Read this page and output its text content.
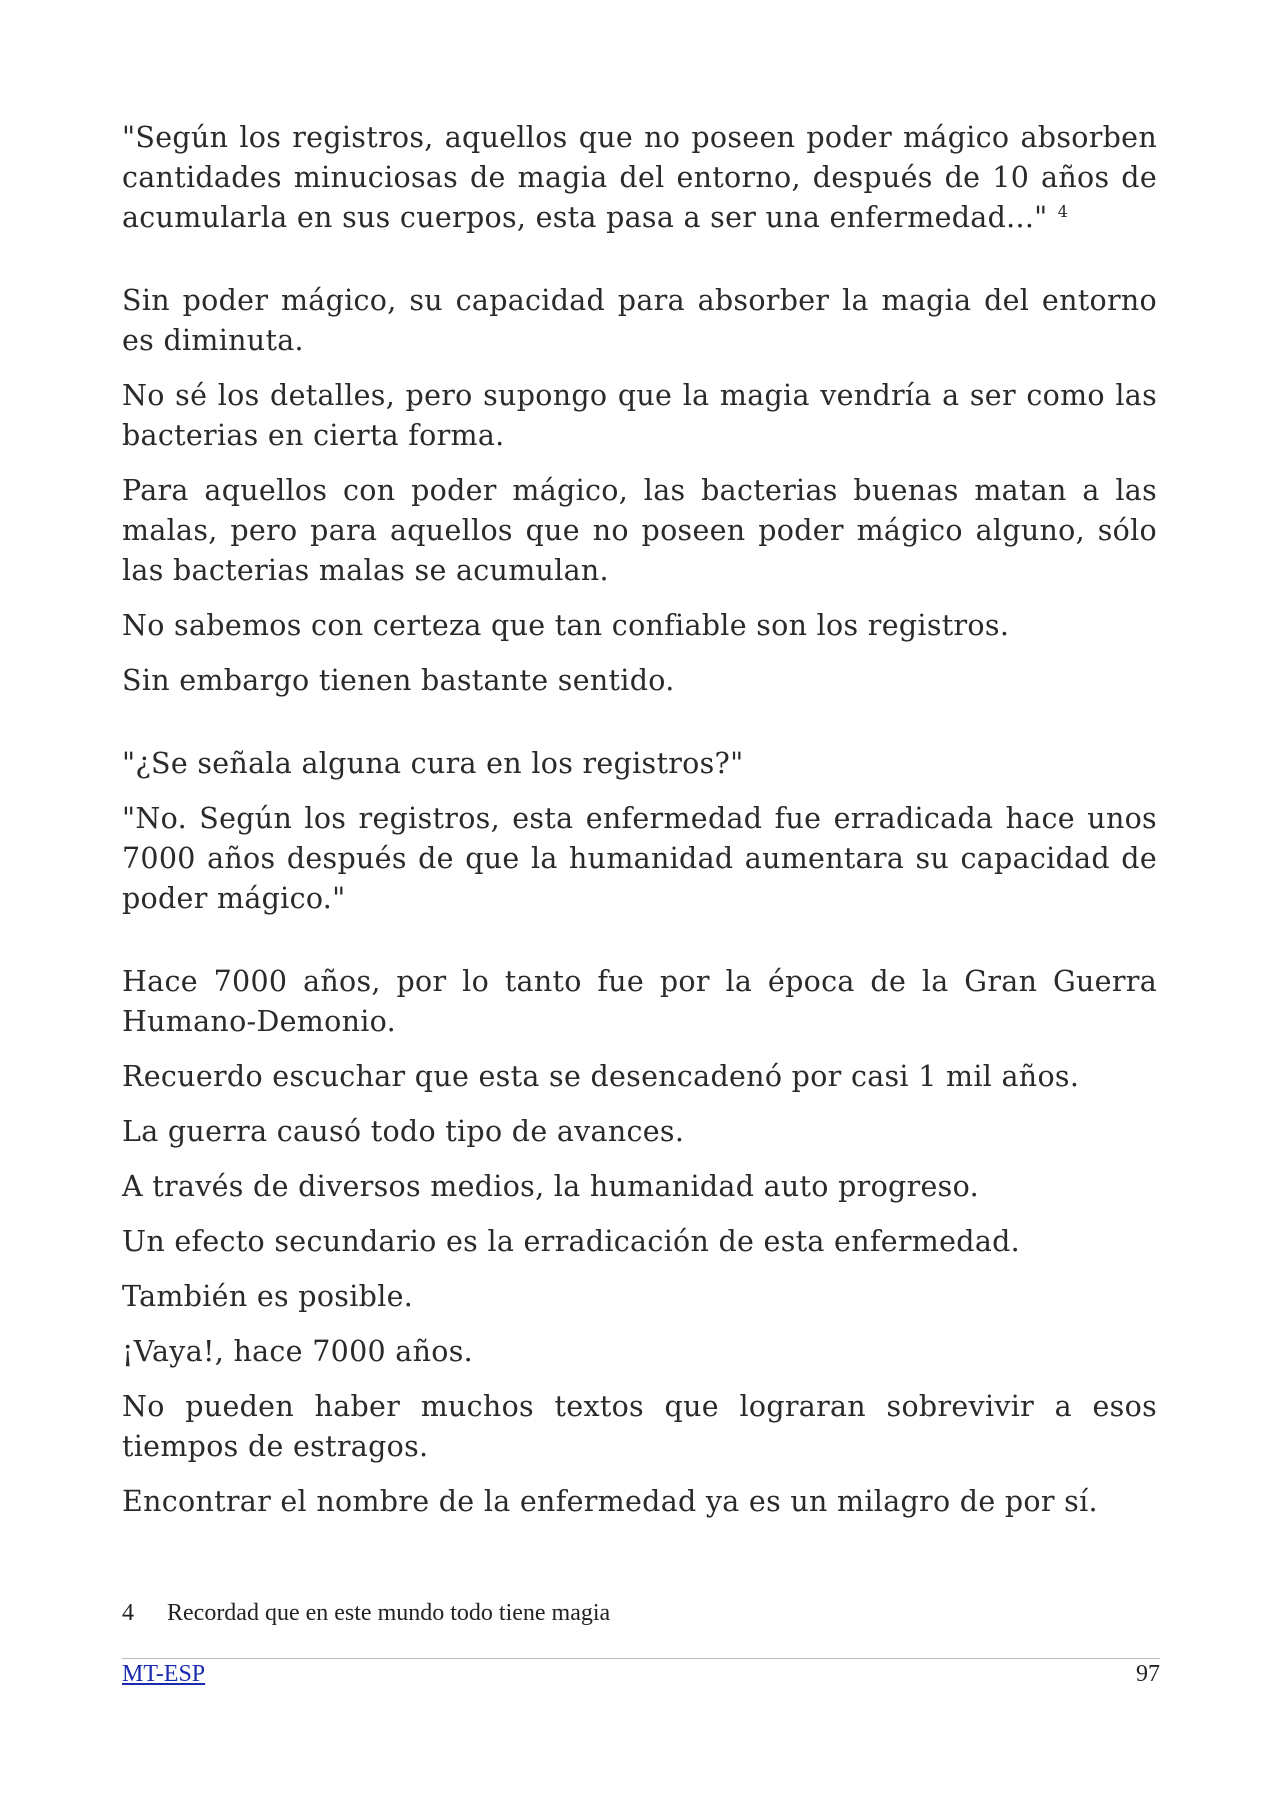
"Según los registros, aquellos que no poseen poder mágico absorben cantidades minuciosas de magia del entorno, después de 10 años de acumularla en sus cuerpos, esta pasa a ser una enfermedad..." $^4$

Sin poder mágico, su capacidad para absorber la magia del entorno es diminuta.

No sé los detalles, pero supongo que la magia vendría a ser como las bacterias en cierta forma.

Para aquellos con poder mágico, las bacterias buenas matan a las malas, pero para aquellos que no poseen poder mágico alguno, sólo las bacterias malas se acumulan.

No sabemos con certeza que tan confiable son los registros.

Sin embargo tienen bastante sentido.

"¿Se señala alguna cura en los registros?"

"No. Según los registros, esta enfermedad fue erradicada hace unos 7000 años después de que la humanidad aumentara su capacidad de poder mágico."

Hace 7000 años, por lo tanto fue por la época de la Gran Guerra Humano-Demonio.

Recuerdo escuchar que esta se desencadenó por casi 1 mil años.

La guerra causó todo tipo de avances.

A través de diversos medios, la humanidad auto progreso.

Un efecto secundario es la erradicación de esta enfermedad.

También es posible.

¡Vaya!, hace 7000 años.

No pueden haber muchos textos que lograran sobrevivir a esos tiempos de estragos.

Encontrar el nombre de la enfermedad ya es un milagro de por sí.

4 Recordad que en este mundo todo tiene magia
MT-ESP	97
